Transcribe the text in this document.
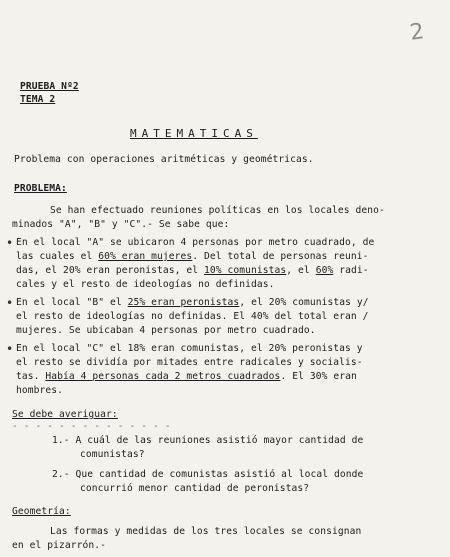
2
PRUEBA Nº2
TEMA 2
MATEMATICAS
Problema con operaciones aritméticas y geométricas.
PROBLEMA:
Se han efectuado reuniones políticas en los locales deno-
minados "A", "B" y "C".- Se sabe que:
• En el local "A" se ubicaron 4 personas por metro cuadrado, de
las cuales el 60% eran mujeres. Del total de personas reuni-
das, el 20% eran peronistas, el 10% comunistas, el 60% radi-
cales y el resto de ideologías no definidas.
• En el local "B" el 25% eran peronistas, el 20% comunistas y/
el resto de ideologías no definidas. El 40% del total eran /
mujeres. Se ubicaban 4 personas por metro cuadrado.
• En el local "C" el 18% eran comunistas, el 20% peronistas y
el resto se dividía por mitades entre radicales y socialis-
tas. Había 4 personas cada 2 metros cuadrados. El 30% eran
hombres.
Se debe averiguar:
- - - - - - - - - - - - - -
1.- A cuál de las reuniones asistió mayor cantidad de
comunistas?
2.- Que cantidad de comunistas asistió al local donde
concurrió menor cantidad de peronistas?
Geometría:
Las formas y medidas de los tres locales se consignan
en el pizarrón.-
